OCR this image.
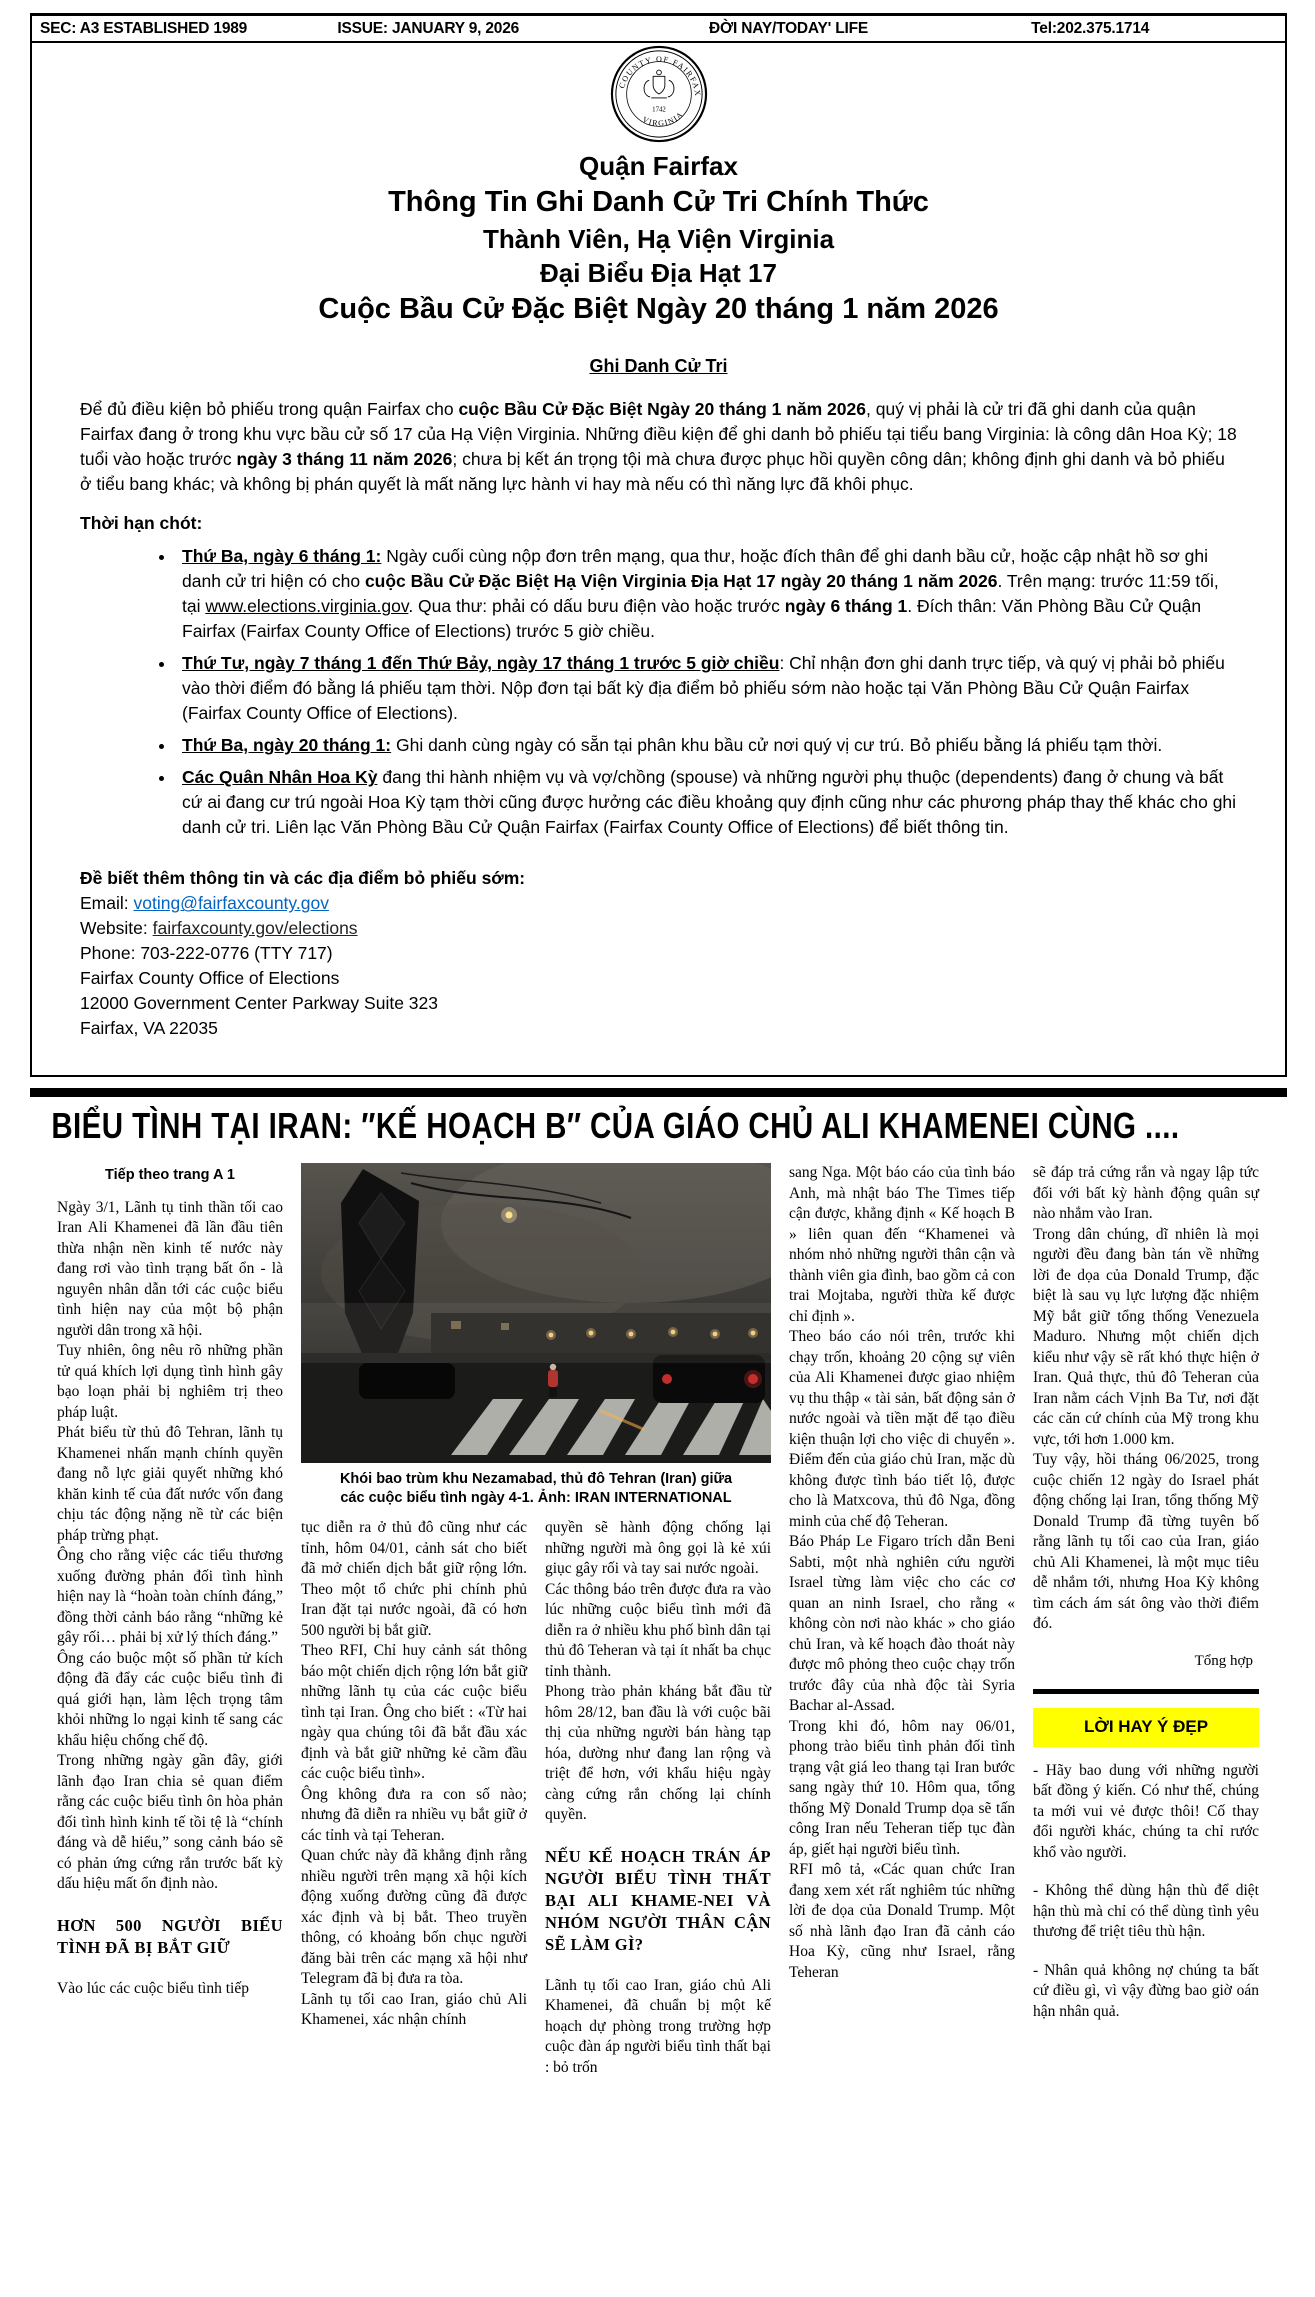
SEC: A3 ESTABLISHED 1989	ISSUE: JANUARY 9, 2026	ĐỜI NAY/TODAY' LIFE	Tel:202.375.1714
COUNTY OF FAIRFAX
VIRGINIA
1742
Quận Fairfax
Thông Tin Ghi Danh Cử Tri Chính Thức
Thành Viên, Hạ Viện Virginia
Đại Biểu Địa Hạt 17
Cuộc Bầu Cử Đặc Biệt Ngày 20 tháng 1 năm 2026
Ghi Danh Cử Tri

Để đủ điều kiện bỏ phiếu trong quận Fairfax cho cuộc Bầu Cử Đặc Biệt Ngày 20 tháng 1 năm 2026, quý vị phải là cử tri đã ghi danh của quận Fairfax đang ở trong khu vực bầu cử số 17 của Hạ Viện Virginia. Những điều kiện để ghi danh bỏ phiếu tại tiểu bang Virginia: là công dân Hoa Kỳ; 18 tuổi vào hoặc trước ngày 3 tháng 11 năm 2026; chưa bị kết án trọng tội mà chưa được phục hồi quyền công dân; không định ghi danh và bỏ phiếu ở tiểu bang khác; và không bị phán quyết là mất năng lực hành vi hay mà nếu có thì năng lực đã khôi phục.

Thời hạn chót:
• Thứ Ba, ngày 6 tháng 1: Ngày cuối cùng nộp đơn trên mạng, qua thư, hoặc đích thân để ghi danh bầu cử, hoặc cập nhật hồ sơ ghi danh cử tri hiện có cho cuộc Bầu Cử Đặc Biệt Hạ Viện Virginia Địa Hạt 17 ngày 20 tháng 1 năm 2026. Trên mạng: trước 11:59 tối, tại www.elections.virginia.gov. Qua thư: phải có dấu bưu điện vào hoặc trước ngày 6 tháng 1. Đích thân: Văn Phòng Bầu Cử Quận Fairfax (Fairfax County Office of Elections) trước 5 giờ chiều.
• Thứ Tư, ngày 7 tháng 1 đến Thứ Bảy, ngày 17 tháng 1 trước 5 giờ chiều: Chỉ nhận đơn ghi danh trực tiếp, và quý vị phải bỏ phiếu vào thời điểm đó bằng lá phiếu tạm thời. Nộp đơn tại bất kỳ địa điểm bỏ phiếu sớm nào hoặc tại Văn Phòng Bầu Cử Quận Fairfax (Fairfax County Office of Elections).
• Thứ Ba, ngày 20 tháng 1: Ghi danh cùng ngày có sẵn tại phân khu bầu cử nơi quý vị cư trú. Bỏ phiếu bằng lá phiếu tạm thời.
• Các Quân Nhân Hoa Kỳ đang thi hành nhiệm vụ và vợ/chồng (spouse) và những người phụ thuộc (dependents) đang ở chung và bất cứ ai đang cư trú ngoài Hoa Kỳ tạm thời cũng được hưởng các điều khoảng quy định cũng như các phương pháp thay thế khác cho ghi danh cử tri. Liên lạc Văn Phòng Bầu Cử Quận Fairfax (Fairfax County Office of Elections) để biết thông tin.
Đề biết thêm thông tin và các địa điểm bỏ phiếu sớm:
Email: voting@fairfaxcounty.gov
Website: fairfaxcounty.gov/elections
Phone: 703-222-0776 (TTY 717)
Fairfax County Office of Elections
12000 Government Center Parkway Suite 323
Fairfax, VA 22035
BIỂU TÌNH TẠI IRAN: ″KẾ HOẠCH B″ CỦA GIÁO CHỦ ALI KHAMENEI CÙNG ....
Tiếp theo trang A 1

Ngày 3/1, Lãnh tụ tinh thần tối cao Iran Ali Khamenei đã lần đầu tiên thừa nhận nền kinh tế nước này đang rơi vào tình trạng bất ổn - là nguyên nhân dẫn tới các cuộc biểu tình hiện nay của một bộ phận người dân trong xã hội.

Tuy nhiên, ông nêu rõ những phần tử quá khích lợi dụng tình hình gây bạo loạn phải bị nghiêm trị theo pháp luật.

Phát biểu từ thủ đô Tehran, lãnh tụ Khamenei nhấn mạnh chính quyền đang nỗ lực giải quyết những khó khăn kinh tế của đất nước vốn đang chịu tác động nặng nề từ các biện pháp trừng phạt.

Ông cho rằng việc các tiểu thương xuống đường phản đối tình hình hiện nay là “hoàn toàn chính đáng,” đồng thời cảnh báo rằng “những kẻ gây rối… phải bị xử lý thích đáng.”

Ông cáo buộc một số phần tử kích động đã đẩy các cuộc biểu tình đi quá giới hạn, làm lệch trọng tâm khỏi những lo ngại kinh tế sang các khẩu hiệu chống chế độ.

Trong những ngày gần đây, giới lãnh đạo Iran chia sẻ quan điểm rằng các cuộc biểu tình ôn hòa phản đối tình hình kinh tế tồi tệ là “chính đáng và dễ hiểu,” song cảnh báo sẽ có phản ứng cứng rắn trước bất kỳ dấu hiệu mất ổn định nào.

HƠN 500 NGƯỜI BIỂU TÌNH ĐÃ BỊ BẮT GIỮ

Vào lúc các cuộc biểu tình tiếp

Khói bao trùm khu Nezamabad, thủ đô Tehran (Iran) giữa các cuộc biểu tình ngày 4-1. Ảnh: IRAN INTERNATIONAL

tục diễn ra ở thủ đô cũng như các tỉnh, hôm 04/01, cảnh sát cho biết đã mở chiến dịch bắt giữ rộng lớn. Theo một tổ chức phi chính phủ Iran đặt tại nước ngoài, đã có hơn 500 người bị bắt giữ.

Theo RFI, Chỉ huy cảnh sát thông báo một chiến dịch rộng lớn bắt giữ những lãnh tụ của các cuộc biểu tình tại Iran. Ông cho biết : «Từ hai ngày qua chúng tôi đã bắt đầu xác định và bắt giữ những kẻ cầm đầu các cuộc biểu tình».

Ông không đưa ra con số nào; nhưng đã diễn ra nhiều vụ bắt giữ ở các tỉnh và tại Teheran.

Quan chức này đã khẳng định rằng nhiều người trên mạng xã hội kích động xuống đường cũng đã được xác định và bị bắt. Theo truyền thông, có khoảng bốn chục người đăng bài trên các mạng xã hội như Telegram đã bị đưa ra tòa.

Lãnh tụ tối cao Iran, giáo chủ Ali Khamenei, xác nhận chính

quyền sẽ hành động chống lại những người mà ông gọi là kẻ xúi giục gây rối và tay sai nước ngoài.

Các thông báo trên được đưa ra vào lúc những cuộc biểu tình mới đã diễn ra ở nhiều khu phố bình dân tại thủ đô Teheran và tại ít nhất ba chục tỉnh thành.

Phong trào phản kháng bắt đầu từ hôm 28/12, ban đầu là với cuộc bãi thị của những người bán hàng tạp hóa, dường như đang lan rộng và triệt để hơn, với khẩu hiệu ngày càng cứng rắn chống lại chính quyền.

NẾU KẾ HOẠCH TRÁN ÁP NGƯỜI BIỂU TÌNH THẤT BẠI ALI KHAME-NEI VÀ NHÓM NGƯỜI THÂN CẬN SẼ LÀM GÌ?

Lãnh tụ tối cao Iran, giáo chủ Ali Khamenei, đã chuẩn bị một kế hoạch dự phòng trong trường hợp cuộc đàn áp người biểu tình thất bại : bỏ trốn

sang Nga. Một báo cáo của tình báo Anh, mà nhật báo The Times tiếp cận được, khẳng định « Kế hoạch B » liên quan đến “Khamenei và nhóm nhỏ những người thân cận và thành viên gia đình, bao gồm cả con trai Mojtaba, người thừa kế được chỉ định ».

Theo báo cáo nói trên, trước khi chạy trốn, khoảng 20 cộng sự viên của Ali Khamenei được giao nhiệm vụ thu thập « tài sản, bất động sản ở nước ngoài và tiền mặt để tạo điều kiện thuận lợi cho việc di chuyển ». Điểm đến của giáo chủ Iran, mặc dù không được tình báo tiết lộ, được cho là Matxcova, thủ đô Nga, đồng minh của chế độ Teheran.

Báo Pháp Le Figaro trích dẫn Beni Sabti, một nhà nghiên cứu người Israel từng làm việc cho các cơ quan an ninh Israel, cho rằng « không còn nơi nào khác » cho giáo chủ Iran, và kế hoạch đào thoát này được mô phỏng theo cuộc chạy trốn trước đây của nhà độc tài Syria Bachar al-Assad.

Trong khi đó, hôm nay 06/01, phong trào biểu tình phản đối tình trạng vật giá leo thang tại Iran bước sang ngày thứ 10. Hôm qua, tổng thống Mỹ Donald Trump dọa sẽ tấn công Iran nếu Teheran tiếp tục đàn áp, giết hại người biểu tình.

RFI mô tả, «Các quan chức Iran đang xem xét rất nghiêm túc những lời đe dọa của Donald Trump. Một số nhà lãnh đạo Iran đã cảnh cáo Hoa Kỳ, cũng như Israel, rằng Teheran

sẽ đáp trả cứng rắn và ngay lập tức đối với bất kỳ hành động quân sự nào nhắm vào Iran.

Trong dân chúng, dĩ nhiên là mọi người đều đang bàn tán về những lời đe dọa của Donald Trump, đặc biệt là sau vụ lực lượng đặc nhiệm Mỹ bắt giữ tổng thống Venezuela Maduro. Nhưng một chiến dịch kiểu như vậy sẽ rất khó thực hiện ở Iran. Quả thực, thủ đô Teheran của Iran nằm cách Vịnh Ba Tư, nơi đặt các căn cứ chính của Mỹ trong khu vực, tới hơn 1.000 km.

Tuy vậy, hồi tháng 06/2025, trong cuộc chiến 12 ngày do Israel phát động chống lại Iran, tổng thống Mỹ Donald Trump đã từng tuyên bố rằng lãnh tụ tối cao của Iran, giáo chủ Ali Khamenei, là một mục tiêu dễ nhắm tới, nhưng Hoa Kỳ không tìm cách ám sát ông vào thời điểm đó.

Tổng hợp
LỜI HAY Ý ĐẸP

- Hãy bao dung với những người bất đồng ý kiến. Có như thế, chúng ta mới vui vẻ được thôi! Cố thay đổi người khác, chúng ta chỉ rước khổ vào người.

- Không thể dùng hận thù để diệt hận thù mà chỉ có thể dùng tình yêu thương để triệt tiêu thù hận.

- Nhân quả không nợ chúng ta bất cứ điều gì, vì vậy đừng bao giờ oán hận nhân quả.
